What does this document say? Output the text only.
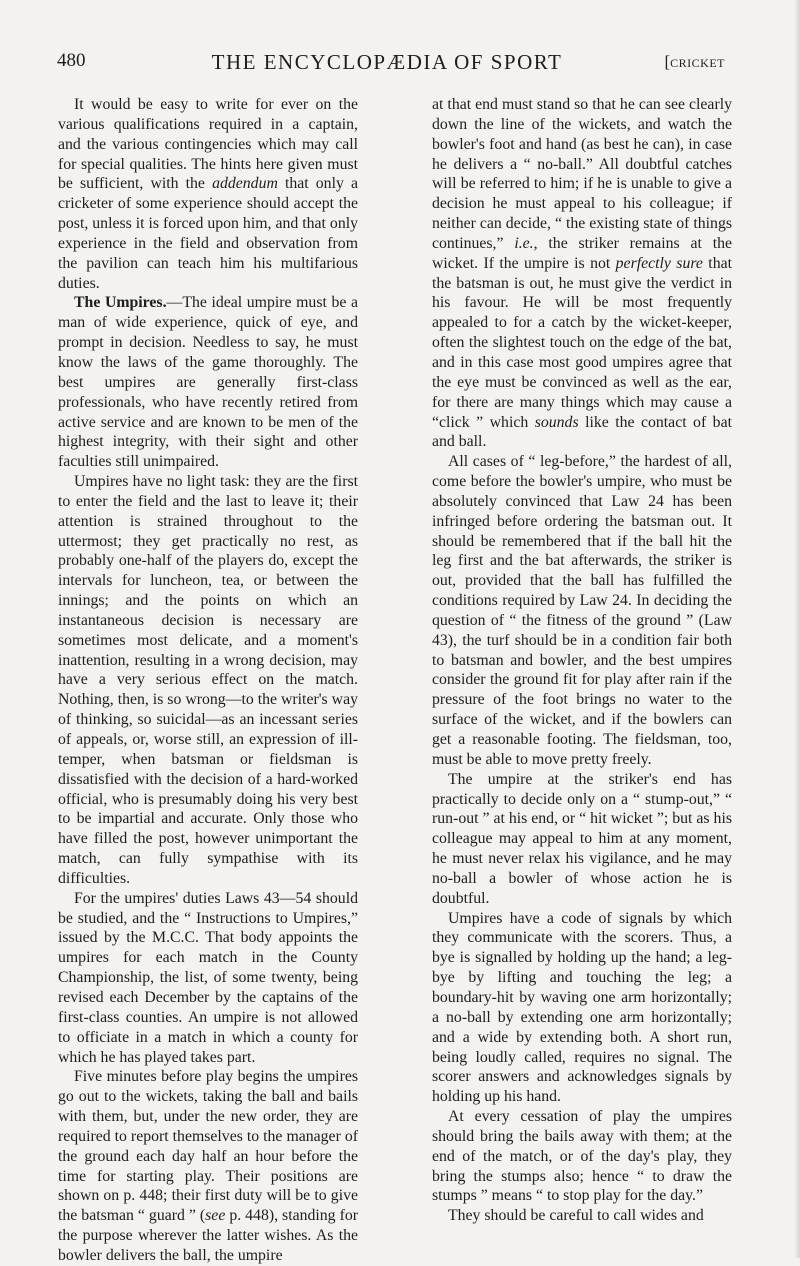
480	THE ENCYCLOPÆDIA OF SPORT	[CRICKET

It would be easy to write for ever on the various qualifications required in a captain, and the various contingencies which may call for special qualities. The hints here given must be sufficient, with the addendum that only a cricketer of some experience should accept the post, unless it is forced upon him, and that only experience in the field and observation from the pavilion can teach him his multifarious duties.

The Umpires.—The ideal umpire must be a man of wide experience, quick of eye, and prompt in decision. Needless to say, he must know the laws of the game thoroughly. The best umpires are generally first-class professionals, who have recently retired from active service and are known to be men of the highest integrity, with their sight and other faculties still unimpaired.

Umpires have no light task: they are the first to enter the field and the last to leave it; their attention is strained throughout to the uttermost; they get practically no rest, as probably one-half of the players do, except the intervals for luncheon, tea, or between the innings; and the points on which an instantaneous decision is necessary are sometimes most delicate, and a moment's inattention, resulting in a wrong decision, may have a very serious effect on the match. Nothing, then, is so wrong—to the writer's way of thinking, so suicidal—as an incessant series of appeals, or, worse still, an expression of ill-temper, when batsman or fieldsman is dissatisfied with the decision of a hard-worked official, who is presumably doing his very best to be impartial and accurate. Only those who have filled the post, however unimportant the match, can fully sympathise with its difficulties.

For the umpires' duties Laws 43—54 should be studied, and the “ Instructions to Umpires,” issued by the M.C.C. That body appoints the umpires for each match in the County Championship, the list, of some twenty, being revised each December by the captains of the first-class counties. An umpire is not allowed to officiate in a match in which a county for which he has played takes part.

Five minutes before play begins the umpires go out to the wickets, taking the ball and bails with them, but, under the new order, they are required to report themselves to the manager of the ground each day half an hour before the time for starting play. Their positions are shown on p. 448; their first duty will be to give the batsman “ guard ” (see p. 448), standing for the purpose wherever the latter wishes. As the bowler delivers the ball, the umpire

at that end must stand so that he can see clearly down the line of the wickets, and watch the bowler's foot and hand (as best he can), in case he delivers a “ no-ball.” All doubtful catches will be referred to him; if he is unable to give a decision he must appeal to his colleague; if neither can decide, “ the existing state of things continues,” i.e., the striker remains at the wicket. If the umpire is not perfectly sure that the batsman is out, he must give the verdict in his favour. He will be most frequently appealed to for a catch by the wicket-keeper, often the slightest touch on the edge of the bat, and in this case most good umpires agree that the eye must be convinced as well as the ear, for there are many things which may cause a “click ” which sounds like the contact of bat and ball.

All cases of “ leg-before,” the hardest of all, come before the bowler's umpire, who must be absolutely convinced that Law 24 has been infringed before ordering the batsman out. It should be remembered that if the ball hit the leg first and the bat afterwards, the striker is out, provided that the ball has fulfilled the conditions required by Law 24. In deciding the question of “ the fitness of the ground ” (Law 43), the turf should be in a condition fair both to batsman and bowler, and the best umpires consider the ground fit for play after rain if the pressure of the foot brings no water to the surface of the wicket, and if the bowlers can get a reasonable footing. The fieldsman, too, must be able to move pretty freely.

The umpire at the striker's end has practically to decide only on a “ stump-out,” “ run-out ” at his end, or “ hit wicket ”; but as his colleague may appeal to him at any moment, he must never relax his vigilance, and he may no-ball a bowler of whose action he is doubtful.

Umpires have a code of signals by which they communicate with the scorers. Thus, a bye is signalled by holding up the hand; a leg-bye by lifting and touching the leg; a boundary-hit by waving one arm horizontally; a no-ball by extending one arm horizontally; and a wide by extending both. A short run, being loudly called, requires no signal. The scorer answers and acknowledges signals by holding up his hand.

At every cessation of play the umpires should bring the bails away with them; at the end of the match, or of the day's play, they bring the stumps also; hence “ to draw the stumps ” means “ to stop play for the day.”

They should be careful to call wides and
